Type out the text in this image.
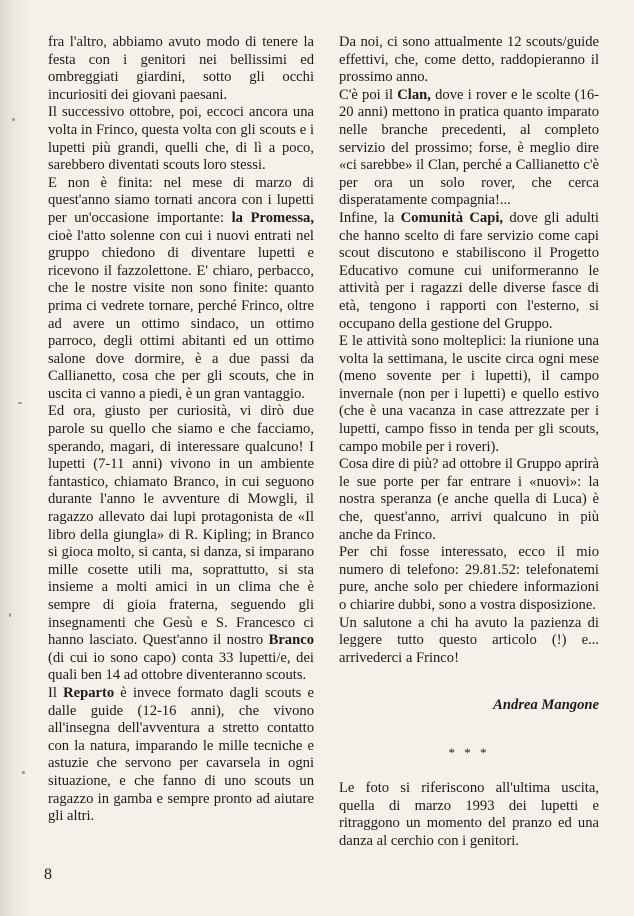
fra l'altro, abbiamo avuto modo di tenere la festa con i genitori nei bellissimi ed ombreggiati giardini, sotto gli occhi incuriositi dei giovani paesani.

Il successivo ottobre, poi, eccoci ancora una volta in Frinco, questa volta con gli scouts e i lupetti più grandi, quelli che, di lì a poco, sarebbero diventati scouts loro stessi.

E non è finita: nel mese di marzo di quest'anno siamo tornati ancora con i lupetti per un'occasione importante: la Promessa, cioè l'atto solenne con cui i nuovi entrati nel gruppo chiedono di diventare lupetti e ricevono il fazzolettone. E' chiaro, perbacco, che le nostre visite non sono finite: quanto prima ci vedrete tornare, perché Frinco, oltre ad avere un ottimo sindaco, un ottimo parroco, degli ottimi abitanti ed un ottimo salone dove dormire, è a due passi da Callianetto, cosa che per gli scouts, che in uscita ci vanno a piedi, è un gran vantaggio.

Ed ora, giusto per curiosità, vi dirò due parole su quello che siamo e che facciamo, sperando, magari, di interessare qualcuno! I lupetti (7-11 anni) vivono in un ambiente fantastico, chiamato Branco, in cui seguono durante l'anno le avventure di Mowgli, il ragazzo allevato dai lupi protagonista de «Il libro della giungla» di R. Kipling; in Branco si gioca molto, si canta, si danza, si imparano mille cosette utili ma, soprattutto, si sta insieme a molti amici in un clima che è sempre di gioia fraterna, seguendo gli insegnamenti che Gesù e S. Francesco ci hanno lasciato. Quest'anno il nostro Branco (di cui io sono capo) conta 33 lupetti/e, dei quali ben 14 ad ottobre diventeranno scouts.

Il Reparto è invece formato dagli scouts e dalle guide (12-16 anni), che vivono all'insegna dell'avventura a stretto contatto con la natura, imparando le mille tecniche e astuzie che servono per cavarsela in ogni situazione, e che fanno di uno scouts un ragazzo in gamba e sempre pronto ad aiutare gli altri.

Da noi, ci sono attualmente 12 scouts/guide effettivi, che, come detto, raddopieranno il prossimo anno.

C'è poi il Clan, dove i rover e le scolte (16-20 anni) mettono in pratica quanto imparato nelle branche precedenti, al completo servizio del prossimo; forse, è meglio dire «ci sarebbe» il Clan, perché a Callianetto c'è per ora un solo rover, che cerca disperatamente compagnia!...

Infine, la Comunità Capi, dove gli adulti che hanno scelto di fare servizio come capi scout discutono e stabiliscono il Progetto Educativo comune cui uniformeranno le attività per i ragazzi delle diverse fasce di età, tengono i rapporti con l'esterno, si occupano della gestione del Gruppo.

E le attività sono molteplici: la riunione una volta la settimana, le uscite circa ogni mese (meno sovente per i lupetti), il campo invernale (non per i lupetti) e quello estivo (che è una vacanza in case attrezzate per i lupetti, campo fisso in tenda per gli scouts, campo mobile per i roveri).

Cosa dire di più? ad ottobre il Gruppo aprirà le sue porte per far entrare i «nuovi»: la nostra speranza (e anche quella di Luca) è che, quest'anno, arrivi qualcuno in più anche da Frinco.

Per chi fosse interessato, ecco il mio numero di telefono: 29.81.52: telefonatemi pure, anche solo per chiedere informazioni o chiarire dubbi, sono a vostra disposizione.

Un salutone a chi ha avuto la pazienza di leggere tutto questo articolo (!) e... arrivederci a Frinco!

Andrea Mangone
* * *

Le foto si riferiscono all'ultima uscita, quella di marzo 1993 dei lupetti e ritraggono un momento del pranzo ed una danza al cerchio con i genitori.

8
